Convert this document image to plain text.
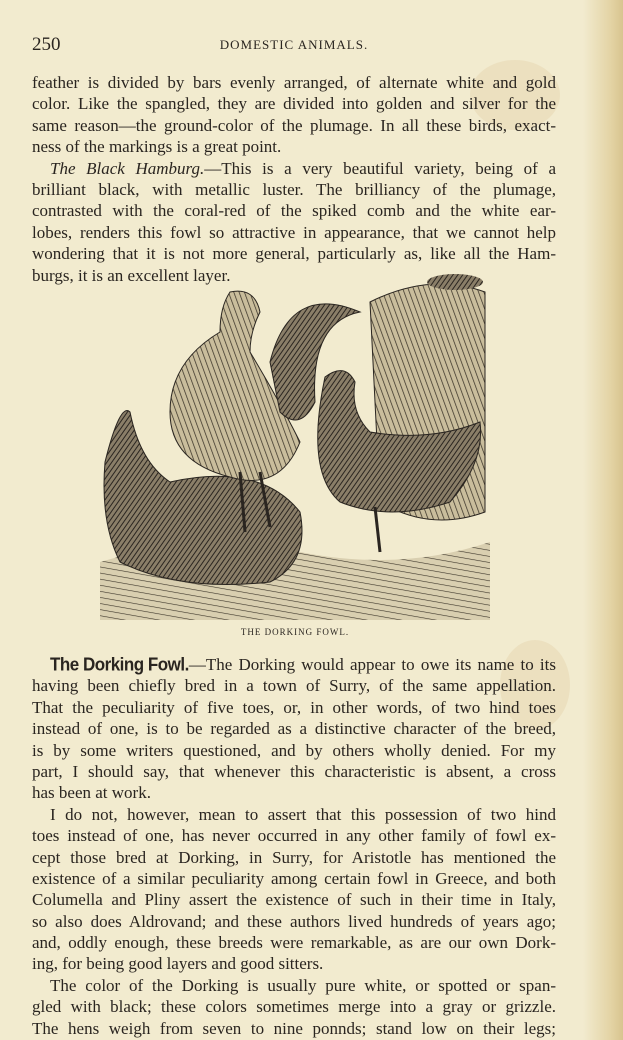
250	DOMESTIC ANIMALS.
feather is divided by bars evenly arranged, of alternate white and gold
color. Like the spangled, they are divided into golden and silver for the
same reason—the ground-color of the plumage. In all these birds, exact-
ness of the markings is a great point.
The Black Hamburg.—This is a very beautiful variety, being of a
brilliant black, with metallic luster. The brilliancy of the plumage,
contrasted with the coral-red of the spiked comb and the white ear-
lobes, renders this fowl so attractive in appearance, that we cannot help
wondering that it is not more general, particularly as, like all the Ham-
burgs, it is an excellent layer.
THE DORKING FOWL.
The Dorking Fowl.—The Dorking would appear to owe its name to its
having been chiefly bred in a town of Surry, of the same appellation.
That the peculiarity of five toes, or, in other words, of two hind toes
instead of one, is to be regarded as a distinctive character of the breed,
is by some writers questioned, and by others wholly denied. For my
part, I should say, that whenever this characteristic is absent, a cross
has been at work.
I do not, however, mean to assert that this possession of two hind
toes instead of one, has never occurred in any other family of fowl ex-
cept those bred at Dorking, in Surry, for Aristotle has mentioned the
existence of a similar peculiarity among certain fowl in Greece, and both
Columella and Pliny assert the existence of such in their time in Italy,
so also does Aldrovand; and these authors lived hundreds of years ago;
and, oddly enough, these breeds were remarkable, as are our own Dork-
ing, for being good layers and good sitters.
The color of the Dorking is usually pure white, or spotted or span-
gled with black; these colors sometimes merge into a gray or grizzle.
The hens weigh from seven to nine ponnds; stand low on their legs;
